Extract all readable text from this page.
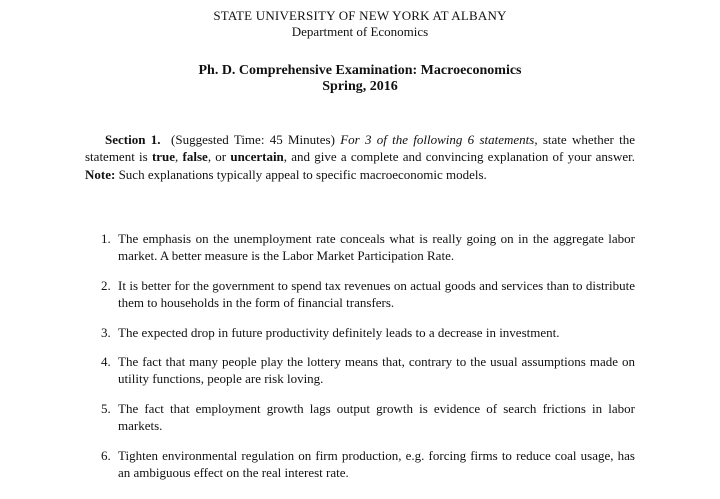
STATE UNIVERSITY OF NEW YORK AT ALBANY
Department of Economics
Ph. D. Comprehensive Examination: Macroeconomics
Spring, 2016

Section 1. (Suggested Time: 45 Minutes) For 3 of the following 6 statements, state whether the statement is true, false, or uncertain, and give a complete and convincing explanation of your answer. Note: Such explanations typically appeal to specific macroeconomic models.

1. The emphasis on the unemployment rate conceals what is really going on in the aggregate labor market. A better measure is the Labor Market Participation Rate.
2. It is better for the government to spend tax revenues on actual goods and services than to distribute them to households in the form of financial transfers.
3. The expected drop in future productivity definitely leads to a decrease in investment.
4. The fact that many people play the lottery means that, contrary to the usual assumptions made on utility functions, people are risk loving.
5. The fact that employment growth lags output growth is evidence of search frictions in labor markets.
6. Tighten environmental regulation on firm production, e.g. forcing firms to reduce coal usage, has an ambiguous effect on the real interest rate.
